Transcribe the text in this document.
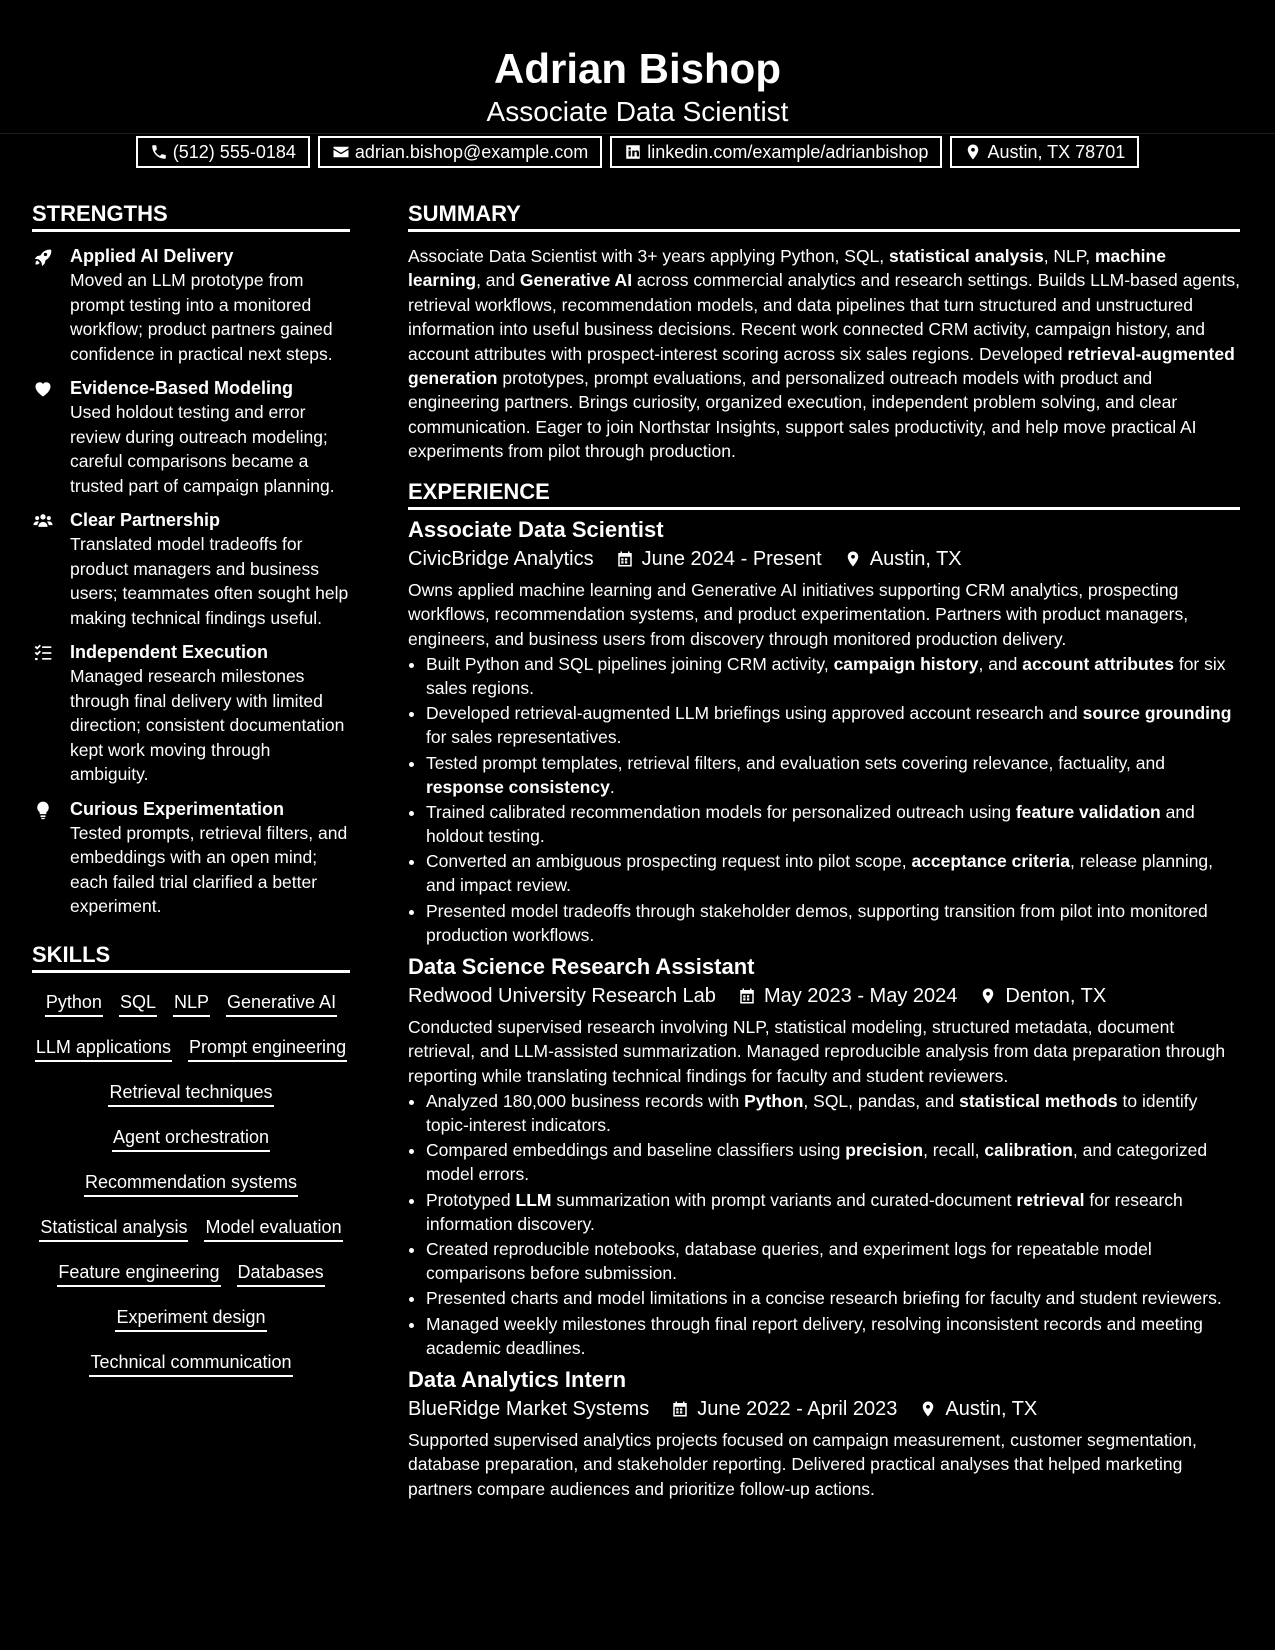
Adrian Bishop
Associate Data Scientist
(512) 555-0184	adrian.bishop@example.com	linkedin.com/example/adrianbishop	Austin, TX 78701
STRENGTHS
Applied AI Delivery
Moved an LLM prototype from prompt testing into a monitored workflow; product partners gained confidence in practical next steps.
Evidence-Based Modeling
Used holdout testing and error review during outreach modeling; careful comparisons became a trusted part of campaign planning.
Clear Partnership
Translated model tradeoffs for product managers and business users; teammates often sought help making technical findings useful.
Independent Execution
Managed research milestones through final delivery with limited direction; consistent documentation kept work moving through ambiguity.
Curious Experimentation
Tested prompts, retrieval filters, and embeddings with an open mind; each failed trial clarified a better experiment.
SKILLS
Python SQL NLP Generative AI
LLM applications Prompt engineering
Retrieval techniques
Agent orchestration
Recommendation systems
Statistical analysis Model evaluation
Feature engineering Databases
Experiment design
Technical communication
SUMMARY

Associate Data Scientist with 3+ years applying Python, SQL, statistical analysis, NLP, machine learning, and Generative AI across commercial analytics and research settings. Builds LLM-based agents, retrieval workflows, recommendation models, and data pipelines that turn structured and unstructured information into useful business decisions. Recent work connected CRM activity, campaign history, and account attributes with prospect-interest scoring across six sales regions. Developed retrieval-augmented generation prototypes, prompt evaluations, and personalized outreach models with product and engineering partners. Brings curiosity, organized execution, independent problem solving, and clear communication. Eager to join Northstar Insights, support sales productivity, and help move practical AI experiments from pilot through production.

EXPERIENCE
Associate Data Scientist
CivicBridge Analytics June 2024 - Present Austin, TX
Owns applied machine learning and Generative AI initiatives supporting CRM analytics, prospecting workflows, recommendation systems, and product experimentation. Partners with product managers, engineers, and business users from discovery through monitored production delivery.
• Built Python and SQL pipelines joining CRM activity, campaign history, and account attributes for six sales regions.
• Developed retrieval-augmented LLM briefings using approved account research and source grounding for sales representatives.
• Tested prompt templates, retrieval filters, and evaluation sets covering relevance, factuality, and response consistency.
• Trained calibrated recommendation models for personalized outreach using feature validation and holdout testing.
• Converted an ambiguous prospecting request into pilot scope, acceptance criteria, release planning, and impact review.
• Presented model tradeoffs through stakeholder demos, supporting transition from pilot into monitored production workflows.
Data Science Research Assistant
Redwood University Research Lab May 2023 - May 2024 Denton, TX
Conducted supervised research involving NLP, statistical modeling, structured metadata, document retrieval, and LLM-assisted summarization. Managed reproducible analysis from data preparation through reporting while translating technical findings for faculty and student reviewers.
• Analyzed 180,000 business records with Python, SQL, pandas, and statistical methods to identify topic-interest indicators.
• Compared embeddings and baseline classifiers using precision, recall, calibration, and categorized model errors.
• Prototyped LLM summarization with prompt variants and curated-document retrieval for research information discovery.
• Created reproducible notebooks, database queries, and experiment logs for repeatable model comparisons before submission.
• Presented charts and model limitations in a concise research briefing for faculty and student reviewers.
• Managed weekly milestones through final report delivery, resolving inconsistent records and meeting academic deadlines.
Data Analytics Intern
BlueRidge Market Systems June 2022 - April 2023 Austin, TX
Supported supervised analytics projects focused on campaign measurement, customer segmentation, database preparation, and stakeholder reporting. Delivered practical analyses that helped marketing partners compare audiences and prioritize follow-up actions.
